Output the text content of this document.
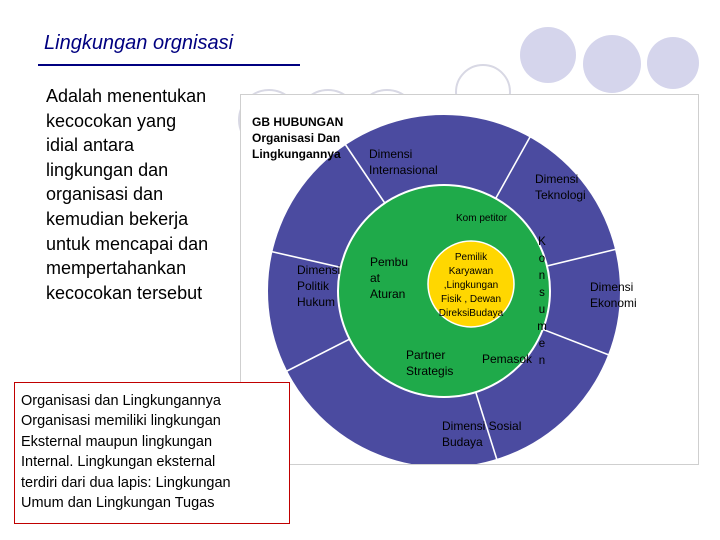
Lingkungan orgnisasi
Adalah menentukan
kecocokan yang
idial antara
lingkungan dan
organisasi dan
kemudian bekerja
untuk mencapai dan
mempertahankan
kecocokan tersebut
GB HUBUNGAN
Organisasi Dan
Lingkungannya Dimensi
Internasional
Dimensi
Teknologi
Dimensi
Politik
Hukum
Dimensi
Ekonomi
Dimensi Sosial
Budaya
Kom petitor
Pembu
at
Aturan
Partner
Strategis
Pemasok
K
o
n
s
u
m
e
n
Pemilik
Karyawan
,Lingkungan
Fisik , Dewan
DireksiBudaya
Organisasi dan Lingkungannya
Organisasi memiliki lingkungan
Eksternal maupun lingkungan
Internal. Lingkungan eksternal
terdiri dari dua lapis: Lingkungan
Umum dan Lingkungan Tugas
